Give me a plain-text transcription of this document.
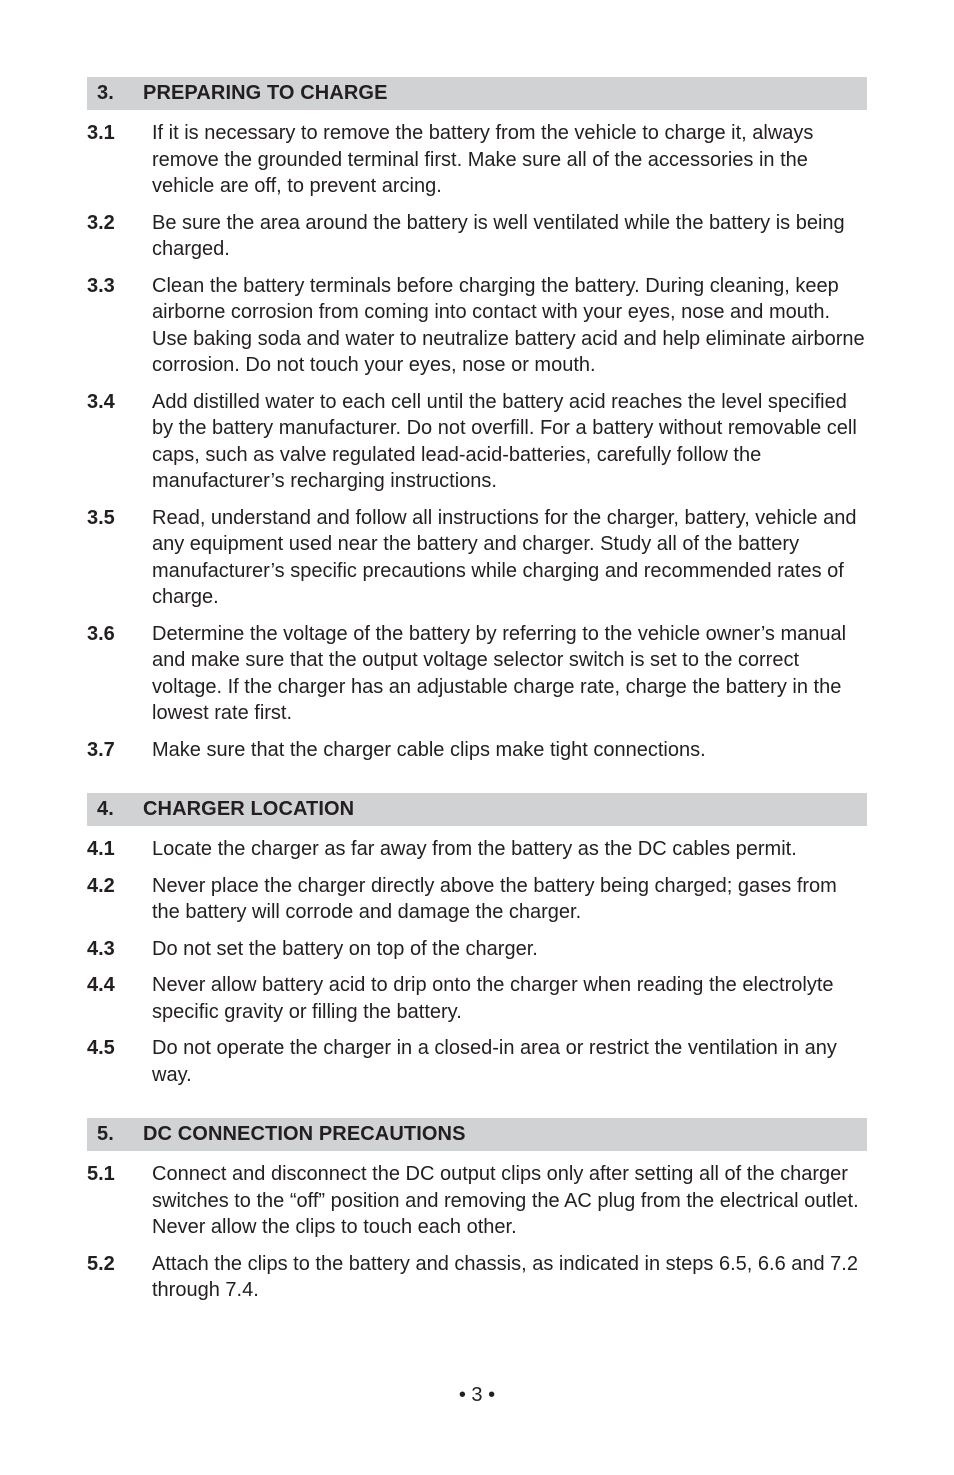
3.	PREPARING TO CHARGE
3.1	If it is necessary to remove the battery from the vehicle to charge it, always remove the grounded terminal first. Make sure all of the accessories in the vehicle are off, to prevent arcing.
3.2	Be sure the area around the battery is well ventilated while the battery is being charged.
3.3	Clean the battery terminals before charging the battery. During cleaning, keep airborne corrosion from coming into contact with your eyes, nose and mouth. Use baking soda and water to neutralize battery acid and help eliminate airborne corrosion. Do not touch your eyes, nose or mouth.
3.4	Add distilled water to each cell until the battery acid reaches the level specified by the battery manufacturer. Do not overfill. For a battery without removable cell caps, such as valve regulated lead-acid-batteries, carefully follow the manufacturer’s recharging instructions.
3.5	Read, understand and follow all instructions for the charger, battery, vehicle and any equipment used near the battery and charger. Study all of the battery manufacturer’s specific precautions while charging and recommended rates of charge.
3.6	Determine the voltage of the battery by referring to the vehicle owner’s manual and make sure that the output voltage selector switch is set to the correct voltage. If the charger has an adjustable charge rate, charge the battery in the lowest rate first.
3.7	Make sure that the charger cable clips make tight connections.
4.	CHARGER LOCATION
4.1	Locate the charger as far away from the battery as the DC cables permit.
4.2	Never place the charger directly above the battery being charged; gases from the battery will corrode and damage the charger.
4.3	Do not set the battery on top of the charger.
4.4	Never allow battery acid to drip onto the charger when reading the electrolyte specific gravity or filling the battery.
4.5	Do not operate the charger in a closed-in area or restrict the ventilation in any way.
5.	DC CONNECTION PRECAUTIONS
5.1	Connect and disconnect the DC output clips only after setting all of the charger switches to the “off” position and removing the AC plug from the electrical outlet. Never allow the clips to touch each other.
5.2	Attach the clips to the battery and chassis, as indicated in steps 6.5, 6.6 and 7.2 through 7.4.
• 3 •
